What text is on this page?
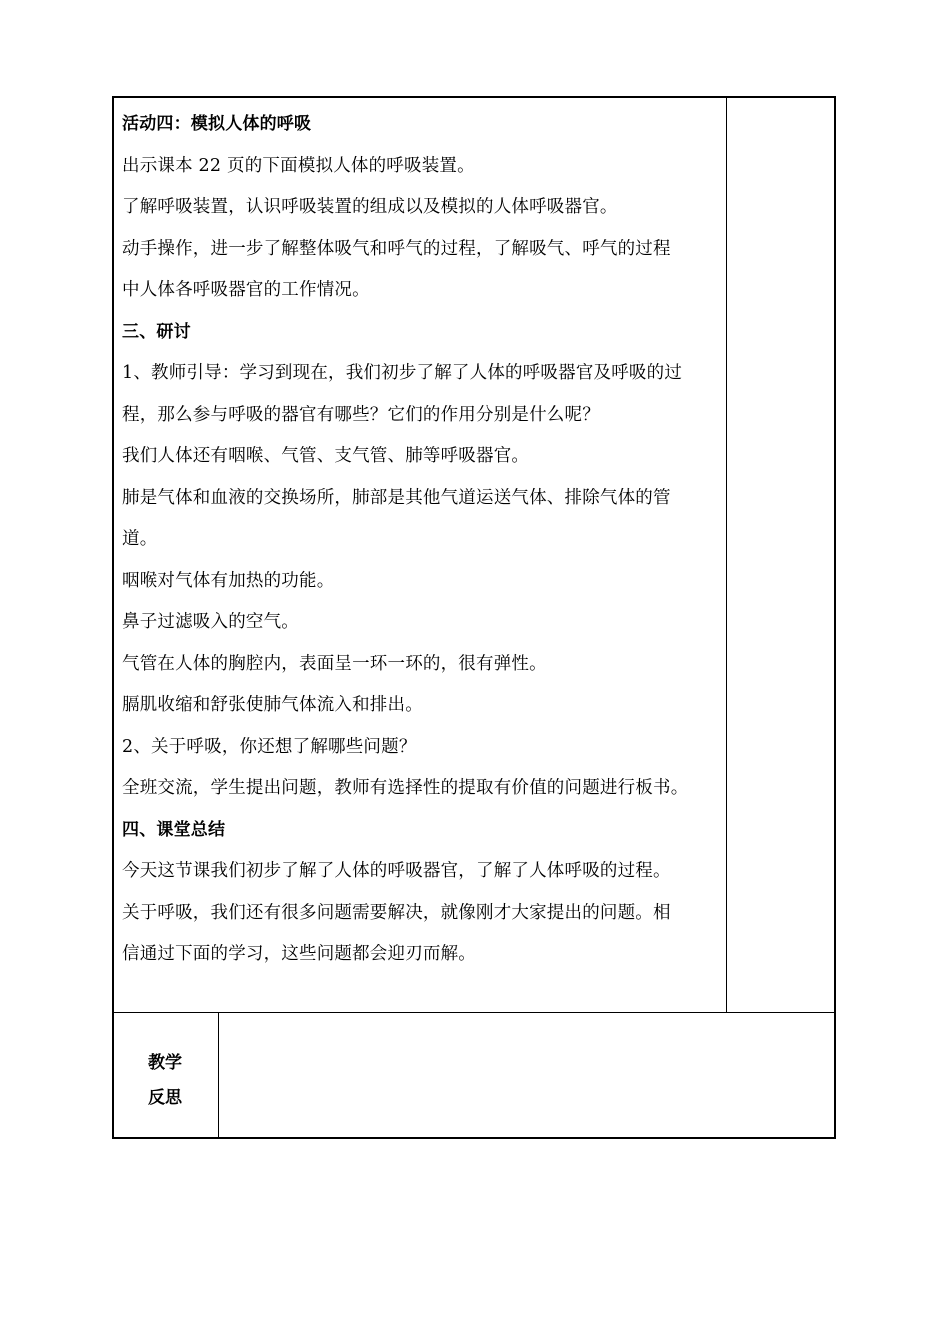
活动四：模拟人体的呼吸
出示课本 22 页的下面模拟人体的呼吸装置。
了解呼吸装置，认识呼吸装置的组成以及模拟的人体呼吸器官。
动手操作，进一步了解整体吸气和呼气的过程，了解吸气、呼气的过程
中人体各呼吸器官的工作情况。
三、研讨
1、教师引导：学习到现在，我们初步了解了人体的呼吸器官及呼吸的过
程，那么参与呼吸的器官有哪些？它们的作用分别是什么呢？
我们人体还有咽喉、气管、支气管、肺等呼吸器官。
肺是气体和血液的交换场所，肺部是其他气道运送气体、排除气体的管
道。
咽喉对气体有加热的功能。
鼻子过滤吸入的空气。
气管在人体的胸腔内，表面呈一环一环的，很有弹性。
膈肌收缩和舒张使肺气体流入和排出。
2、关于呼吸，你还想了解哪些问题？
全班交流，学生提出问题，教师有选择性的提取有价值的问题进行板书。
四、课堂总结
今天这节课我们初步了解了人体的呼吸器官，了解了人体呼吸的过程。
关于呼吸，我们还有很多问题需要解决，就像刚才大家提出的问题。相
信通过下面的学习，这些问题都会迎刃而解。
教学
反思
